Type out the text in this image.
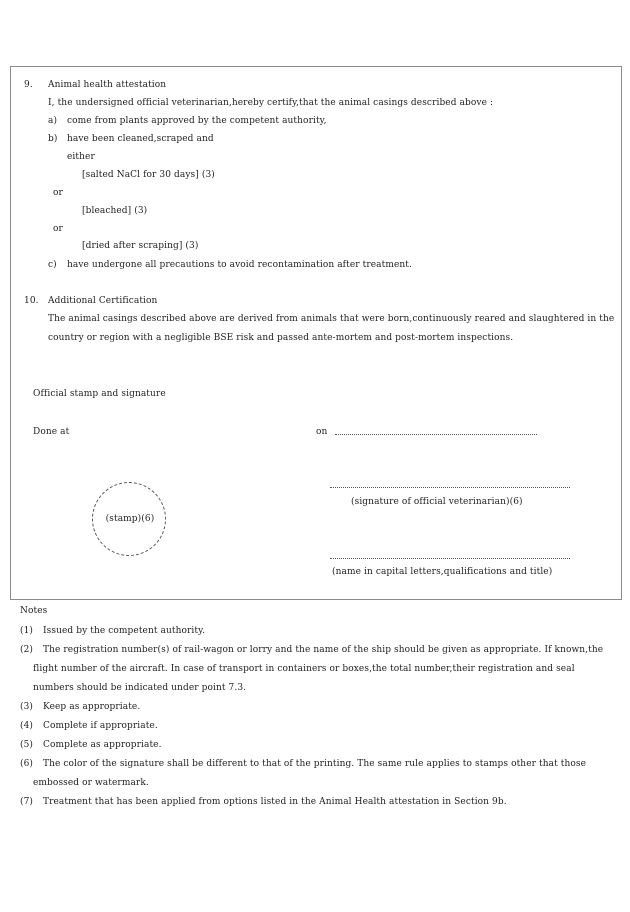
9. Animal health attestation
I, the undersigned official veterinarian,hereby certify,that the animal casings described above :
a) come from plants approved by the competent authority,
b) have been cleaned,scraped and
either
[salted NaCl for 30 days] (3)
or
[bleached] (3)
or
[dried after scraping] (3)
c) have undergone all precautions to avoid recontamination after treatment.
10. Additional Certification
The animal casings described above are derived from animals that were born,continuously reared and slaughtered in the
country or region with a negligible BSE risk and passed ante-mortem and post-mortem inspections.
Official stamp and signature
Done at	on
(stamp)(6)
(signature of official veterinarian)(6)
(name in capital letters,qualifications and title)
Notes
(1) Issued by the competent authority.
(2) The registration number(s) of rail-wagon or lorry and the name of the ship should be given as appropriate. If known,the
flight number of the aircraft. In case of transport in containers or boxes,the total number,their registration and seal
numbers should be indicated under point 7.3.
(3) Keep as appropriate.
(4) Complete if appropriate.
(5) Complete as appropriate.
(6) The color of the signature shall be different to that of the printing. The same rule applies to stamps other that those
embossed or watermark.
(7) Treatment that has been applied from options listed in the Animal Health attestation in Section 9b.
